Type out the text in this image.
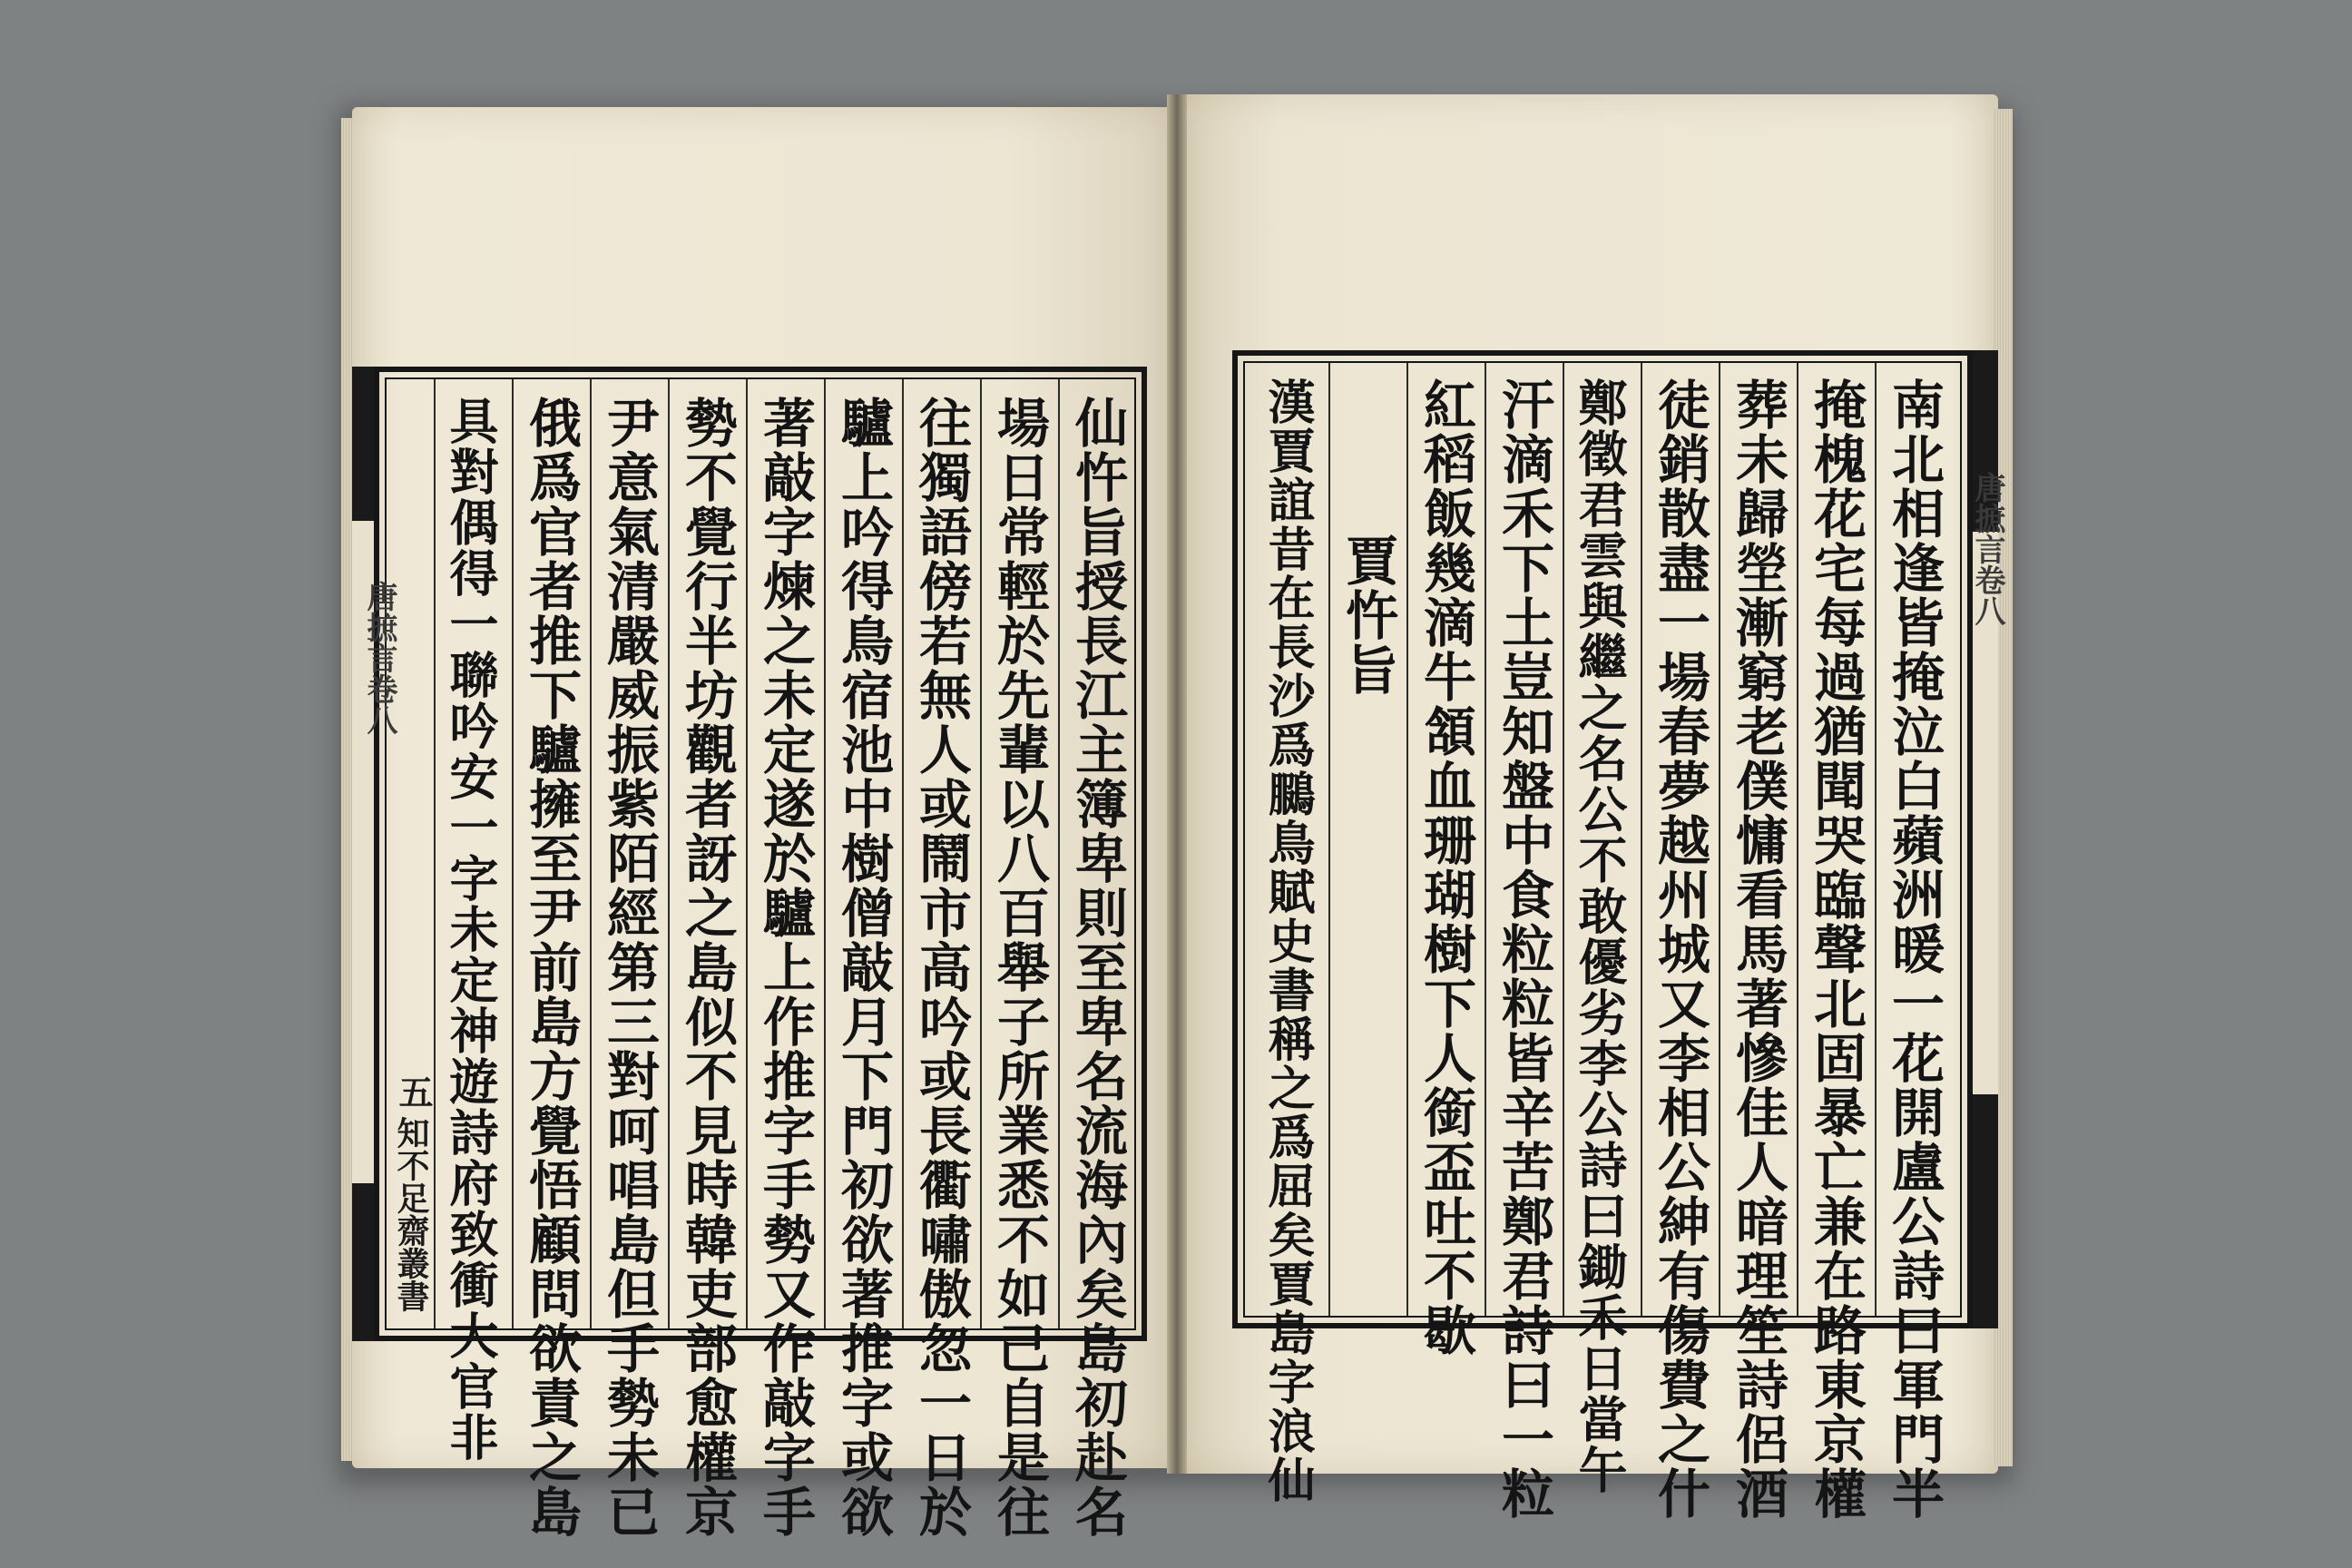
仙忤旨授長江主簿卑則至卑名流海內矣島初赴名
場日常輕於先輩以八百舉子所業悉不如己自是往
往獨語傍若無人或鬧市高吟或長衢嘯傲忽一日於
驢上吟得鳥宿池中樹僧敲月下門初欲著推字或欲
著敲字煉之未定遂於驢上作推字手勢又作敲字手
勢不覺行半坊觀者訝之島似不見時韓吏部愈權京
尹意氣清嚴威振紫陌經第三對呵唱島但手勢未已
俄爲官者推下驢擁至尹前島方覺悟顧問欲責之島
具對偶得一聯吟安一字未定神遊詩府致衝大官非
五
知不足齋叢書
唐摭言卷八	南北相逢皆掩泣白蘋洲暖一花開盧公詩曰軍門半
掩槐花宅每過猶聞哭臨聲北固暴亡兼在路東京權
葬未歸塋漸窮老僕慵看馬著慘佳人暗理笙詩侶酒
徒銷散盡一場春夢越州城又李相公紳有傷費之什
鄭徵君雲與繼之名公不敢優劣李公詩曰鋤禾日當午
汗滴禾下土豈知盤中食粒粒皆辛苦鄭君詩曰一粒
紅稻飯幾滴牛頷血珊瑚樹下人銜盃吐不歇
賈忤旨
漢賈誼昔在長沙爲鵩鳥賦史書稱之爲屈矣賈島字浪仙	唐摭言卷八
